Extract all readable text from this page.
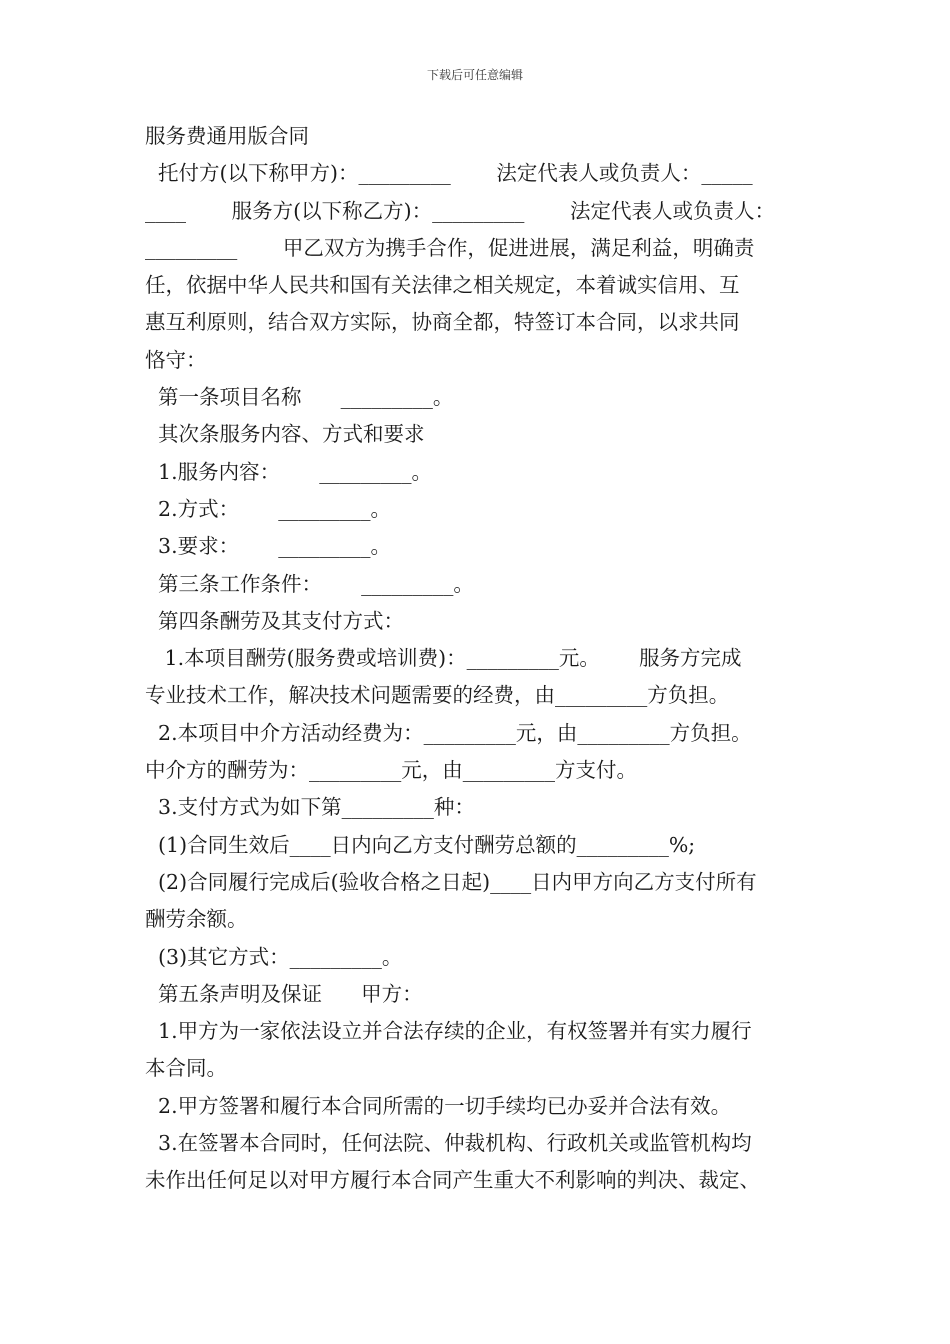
下载后可任意编辑
服务费通用版合同
托付方(以下称甲方)：_________       法定代表人或负责人：_____
____       服务方(以下称乙方)：_________       法定代表人或负责人：
_________       甲乙双方为携手合作，促进进展，满足利益，明确责
任，依据中华人民共和国有关法律之相关规定，本着诚实信用、互
惠互利原则，结合双方实际，协商全都，特签订本合同，以求共同
恪守：
第一条项目名称      _________。
其次条服务内容、方式和要求
1.服务内容：      _________。
2.方式：      _________。
3.要求：      _________。
第三条工作条件：      _________。
第四条酬劳及其支付方式：
1.本项目酬劳(服务费或培训费)：_________元。      服务方完成
专业技术工作，解决技术问题需要的经费，由_________方负担。
2.本项目中介方活动经费为：_________元，由_________方负担。
中介方的酬劳为：_________元，由_________方支付。
3.支付方式为如下第_________种：
(1)合同生效后____日内向乙方支付酬劳总额的_________%;
(2)合同履行完成后(验收合格之日起)____日内甲方向乙方支付所有
酬劳余额。
(3)其它方式：_________。
第五条声明及保证      甲方：
1.甲方为一家依法设立并合法存续的企业，有权签署并有实力履行
本合同。
2.甲方签署和履行本合同所需的一切手续均已办妥并合法有效。
3.在签署本合同时，任何法院、仲裁机构、行政机关或监管机构均
未作出任何足以对甲方履行本合同产生重大不利影响的判决、裁定、
